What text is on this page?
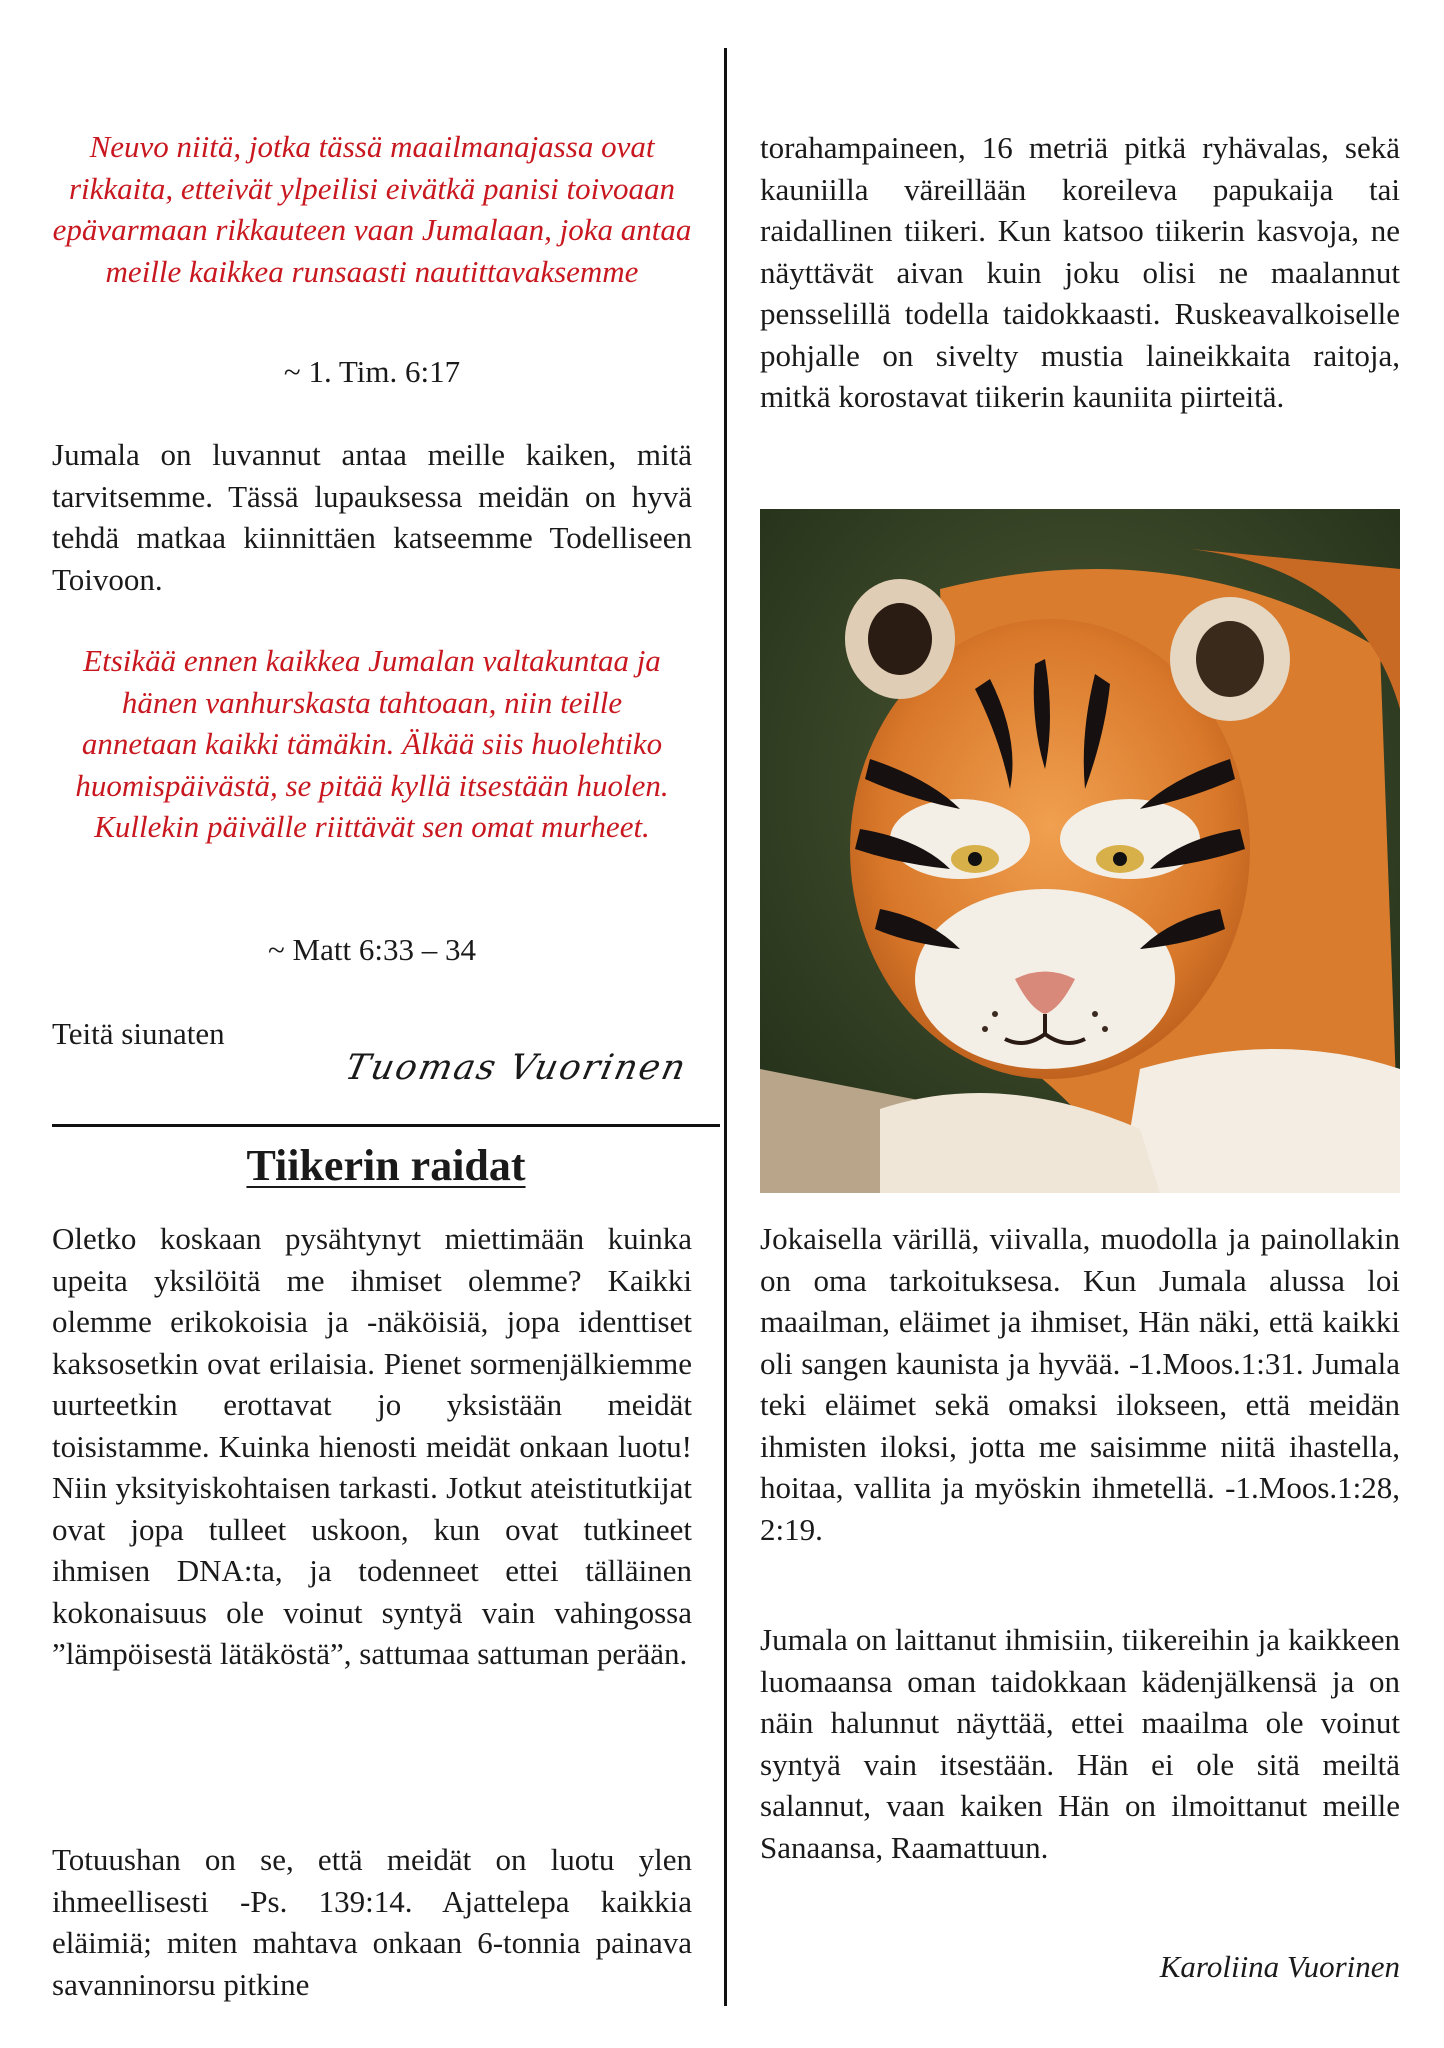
Neuvo niitä, jotka tässä maailmanajassa ovat rikkaita, etteivät ylpeilisi eivätkä panisi toivoaan epävarmaan rikkauteen vaan Jumalaan, joka antaa meille kaikkea runsaasti nautittavaksemme
~ 1. Tim. 6:17
Jumala on luvannut antaa meille kaiken, mitä tarvitsemme. Tässä lupauksessa meidän on hyvä tehdä matkaa kiinnittäen katseemme Todelliseen Toivoon.
Etsikää ennen kaikkea Jumalan valtakuntaa ja hänen vanhurskasta tahtoaan, niin teille annetaan kaikki tämäkin. Älkää siis huolehtiko huomispäivästä, se pitää kyllä itsestään huolen. Kullekin päivälle riittävät sen omat murheet.
~ Matt 6:33 – 34
Teitä siunaten
Tuomas Vuorinen
Tiikerin raidat
Oletko koskaan pysähtynyt miettimään kuinka upeita yksilöitä me ihmiset olemme? Kaikki olemme erikokoisia ja -näköisiä, jopa identtiset kaksosetkin ovat erilaisia. Pienet sormenjälkiemme uurteetkin erottavat jo yksistään meidät toisistamme. Kuinka hienosti meidät onkaan luotu! Niin yksityiskohtaisen tarkasti. Jotkut ateistitutkijat ovat jopa tulleet uskoon, kun ovat tutkineet ihmisen DNA:ta, ja todenneet ettei tälläinen kokonaisuus ole voinut syntyä vain vahingossa ”lämpöisestä lätäköstä”, sattumaa sattuman perään.
Totuushan on se, että meidät on luotu ylen ihmeellisesti -Ps. 139:14. Ajattelepa kaikkia eläimiä; miten mahtava onkaan 6-tonnia painava savanninorsu pitkine
torahampaineen, 16 metriä pitkä ryhävalas, sekä kauniilla väreillään koreileva papukaija tai raidallinen tiikeri. Kun katsoo tiikerin kasvoja, ne näyttävät aivan kuin joku olisi ne maalannut pensselillä todella taidokkaasti. Ruskeavalkoiselle pohjalle on sivelty mustia laineikkaita raitoja, mitkä korostavat tiikerin kauniita piirteitä.
Jokaisella värillä, viivalla, muodolla ja painollakin on oma tarkoituksesa. Kun Jumala alussa loi maailman, eläimet ja ihmiset, Hän näki, että kaikki oli sangen kaunista ja hyvää. -1.Moos.1:31. Jumala teki eläimet sekä omaksi ilokseen, että meidän ihmisten iloksi, jotta me saisimme niitä ihastella, hoitaa, vallita ja myöskin ihmetellä. -1.Moos.1:28, 2:19.
Jumala on laittanut ihmisiin, tiikereihin ja kaikkeen luomaansa oman taidokkaan kädenjälkensä ja on näin halunnut näyttää, ettei maailma ole voinut syntyä vain itsestään. Hän ei ole sitä meiltä salannut, vaan kaiken Hän on ilmoittanut meille Sanaansa, Raamattuun.
Karoliina Vuorinen
